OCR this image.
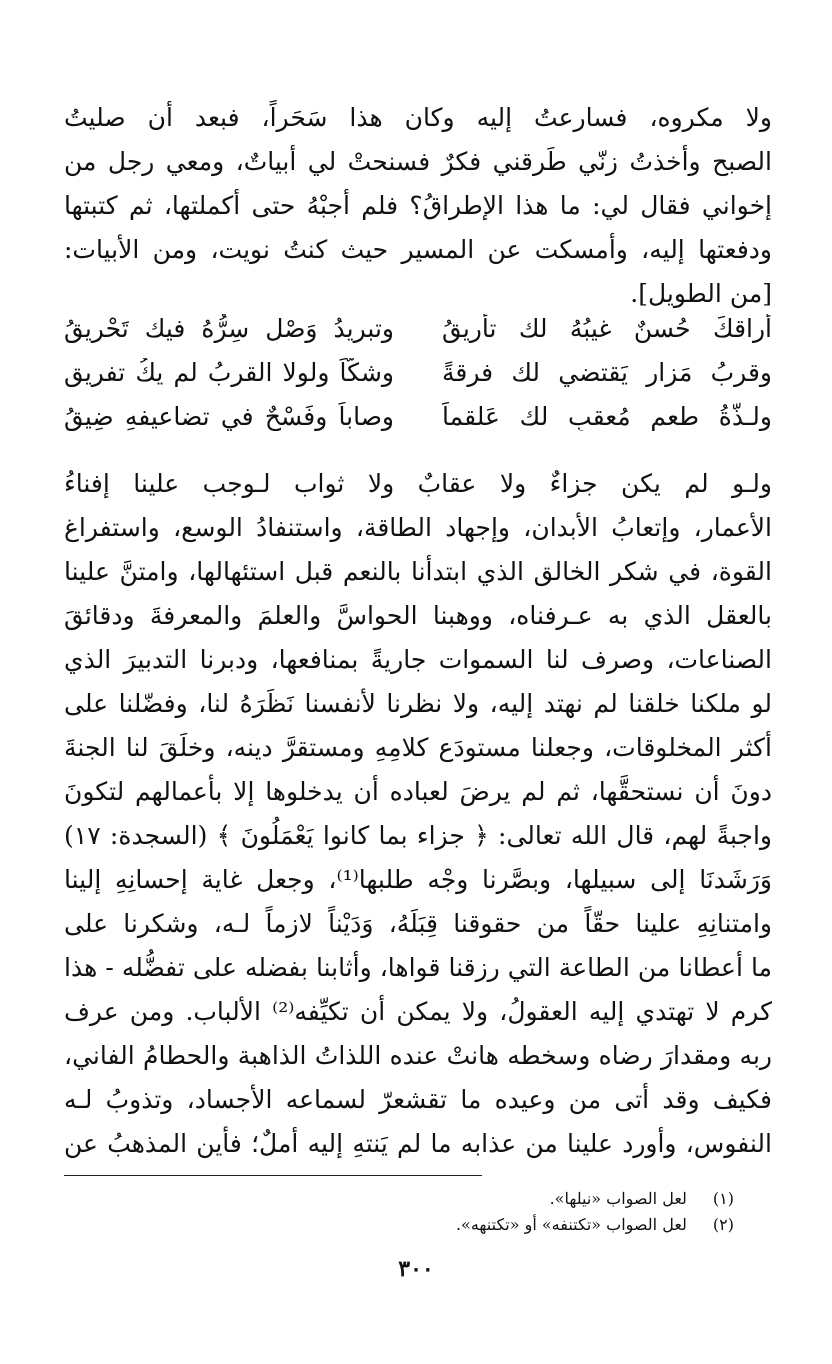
ولا مكروه، فسارعتُ إليه وكان هذا سَحَراً، فبعد أن صليتُ
الصبح وأخذتُ زنّي طَرقني فكرٌ فسنحتْ لي أبياتٌ، ومعي رجل من
إخواني فقال لي: ما هذا الإطراقُ؟ فلم أجبْهُ حتى أكملتها، ثم كتبتها
ودفعتها إليه، وأمسكت عن المسير حيث كنتُ نويت، ومن الأبيات:
[من الطويل].
أراقكَ حُسنٌ غيبُهُ لك تأريقُ
وتبريدُ وَصْلٍ سِرُّهُ فيك تَحْريقُ
وقربُ مَزارٍ يَقتضي لك فرقةً
وشكّاً ولولا القربُ لم يكُ تفريق
ولـذّةُ طعمٍ مُعقبٍ لك عَلقماً
وصاباً وفَسْحٌ في تضاعيفهِ ضِيقُ
ولـو لم يكن جزاءٌ ولا عقابٌ ولا ثواب لـوجب علينا إفناءُ
الأعمار، وإتعابُ الأبدان، وإجهاد الطاقة، واستنفادُ الوسع، واستفراغ
القوة، في شكر الخالق الذي ابتدأنا بالنعم قبل استئهالها، وامتنَّ علينا
بالعقل الذي به عـرفناه، ووهبنا الحواسَّ والعلمَ والمعرفةَ ودقائقَ
الصناعات، وصرف لنا السموات جاريةً بمنافعها، ودبرنا التدبيرَ الذي
لو ملكنا خلقنا لم نهتد إليه، ولا نظرنا لأنفسنا نَظَرَهُ لنا، وفضّلنا على
أكثر المخلوقات، وجعلنا مستودَع كلامِهِ ومستقرَّ دينه، وخلَقَ لنا الجنةَ
دونَ أن نستحقَّها، ثم لم يرضَ لعباده أن يدخلوها إلا بأعمالهم لتكونَ
واجبةً لهم، قال الله تعالى: ﴿ جزاء بما كانوا يَعْمَلُونَ ﴾ (السجدة: ١٧)
وَرَشَدنَا إلى سبيلها، وبصَّرنا وجْه طلبها⁽¹⁾، وجعل غاية إحسانِهِ إلينا
وامتنانِهِ علينا حقّاً من حقوقنا قِبَلَهُ، وَدَيْناً لازماً لـه، وشكرنا على
ما أعطانا من الطاعة التي رزقنا قواها، وأثابنا بفضله على تفضُّله - هذا
كرم لا تهتدي إليه العقولُ، ولا يمكن أن تكيِّفه⁽²⁾ الألباب. ومن عرف
ربه ومقدارَ رضاه وسخطه هانتْ عنده اللذاتُ الذاهبة والحطامُ الفاني،
فكيف وقد أتى من وعيده ما تقشعرّ لسماعه الأجساد، وتذوبُ لـه
النفوس، وأورد علينا من عذابه ما لم يَنتهِ إليه أملٌ؛ فأين المذهبُ عن
(١) لعل الصواب «نيلها».
(٢) لعل الصواب «تكتنفه» أو «تكتنهه».
٣٠٠
